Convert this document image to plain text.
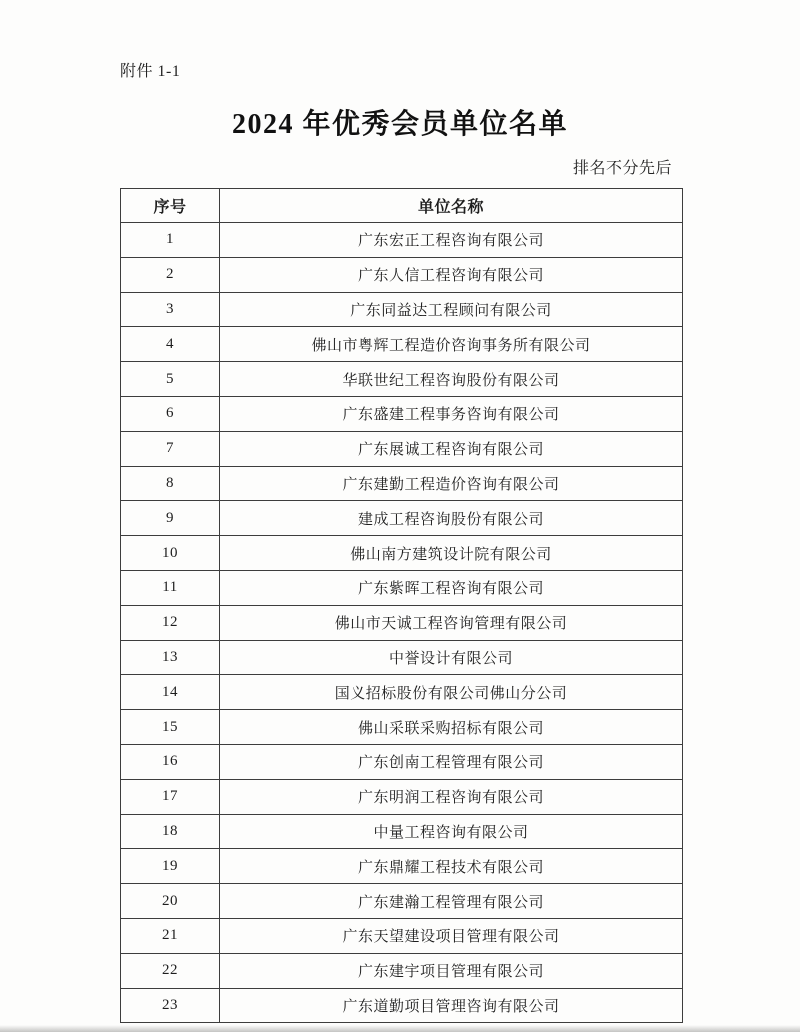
附件 1-1
2024 年优秀会员单位名单
排名不分先后
序号	单位名称
1	广东宏正工程咨询有限公司
2	广东人信工程咨询有限公司
3	广东同益达工程顾问有限公司
4	佛山市粤辉工程造价咨询事务所有限公司
5	华联世纪工程咨询股份有限公司
6	广东盛建工程事务咨询有限公司
7	广东展诚工程咨询有限公司
8	广东建勤工程造价咨询有限公司
9	建成工程咨询股份有限公司
10	佛山南方建筑设计院有限公司
11	广东紫晖工程咨询有限公司
12	佛山市天诚工程咨询管理有限公司
13	中誉设计有限公司
14	国义招标股份有限公司佛山分公司
15	佛山采联采购招标有限公司
16	广东创南工程管理有限公司
17	广东明润工程咨询有限公司
18	中量工程咨询有限公司
19	广东鼎耀工程技术有限公司
20	广东建瀚工程管理有限公司
21	广东天望建设项目管理有限公司
22	广东建宇项目管理有限公司
23	广东道勤项目管理咨询有限公司
